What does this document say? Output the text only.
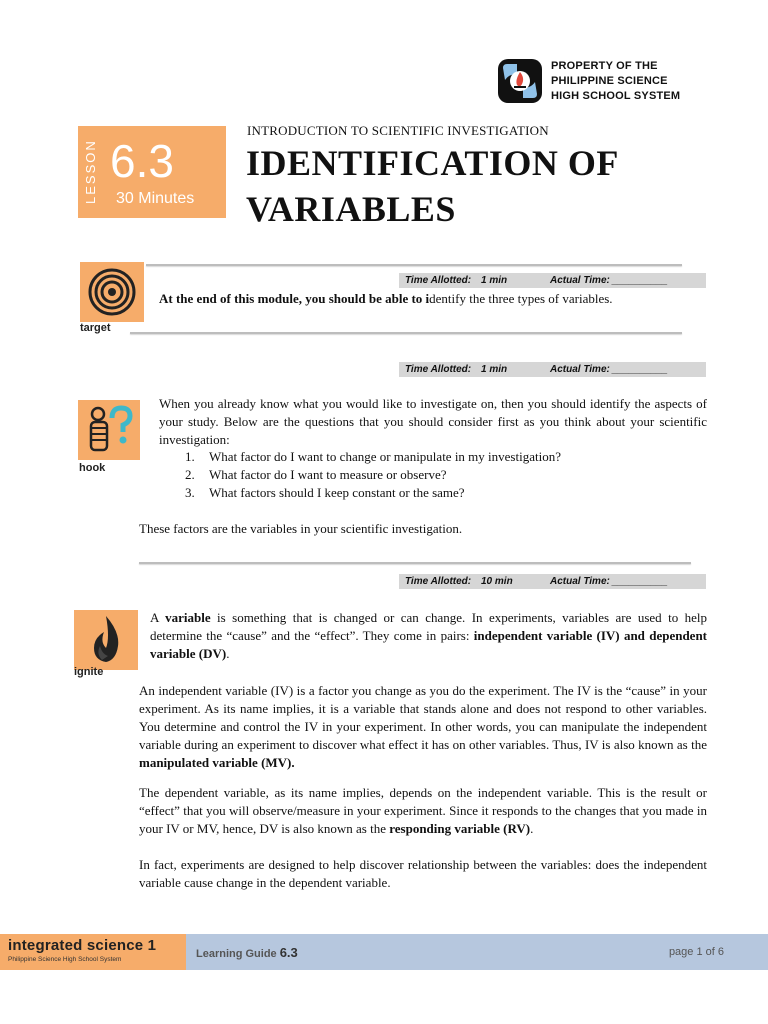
PROPERTY OF THE
PHILIPPINE SCIENCE
HIGH SCHOOL SYSTEM
LESSON 6.3
30 Minutes
INTRODUCTION TO SCIENTIFIC INVESTIGATION
IDENTIFICATION OF
VARIABLES
Time Allotted: 1 min	Actual Time: __________
target
At the end of this module, you should be able to identify the three types of variables.
Time Allotted: 1 min	Actual Time: __________
hook
When you already know what you would like to investigate on, then you should identify the aspects of your study. Below are the questions that you should consider first as you think about your scientific investigation:
1. What factor do I want to change or manipulate in my investigation?
2. What factor do I want to measure or observe?
3. What factors should I keep constant or the same?
These factors are the variables in your scientific investigation.
Time Allotted: 10 min	Actual Time: __________
ignite
A variable is something that is changed or can change. In experiments, variables are used to help determine the “cause” and the “effect”. They come in pairs: independent variable (IV) and dependent variable (DV).
An independent variable (IV) is a factor you change as you do the experiment. The IV is the “cause” in your experiment. As its name implies, it is a variable that stands alone and does not respond to other variables. You determine and control the IV in your experiment. In other words, you can manipulate the independent variable during an experiment to discover what effect it has on other variables. Thus, IV is also known as the manipulated variable (MV).
The dependent variable, as its name implies, depends on the independent variable. This is the result or “effect” that you will observe/measure in your experiment. Since it responds to the changes that you made in your IV or MV, hence, DV is also known as the responding variable (RV).
In fact, experiments are designed to help discover relationship between the variables: does the independent variable cause change in the dependent variable.
integrated science 1
Philippine Science High School System	Learning Guide 6.3	page 1 of 6
